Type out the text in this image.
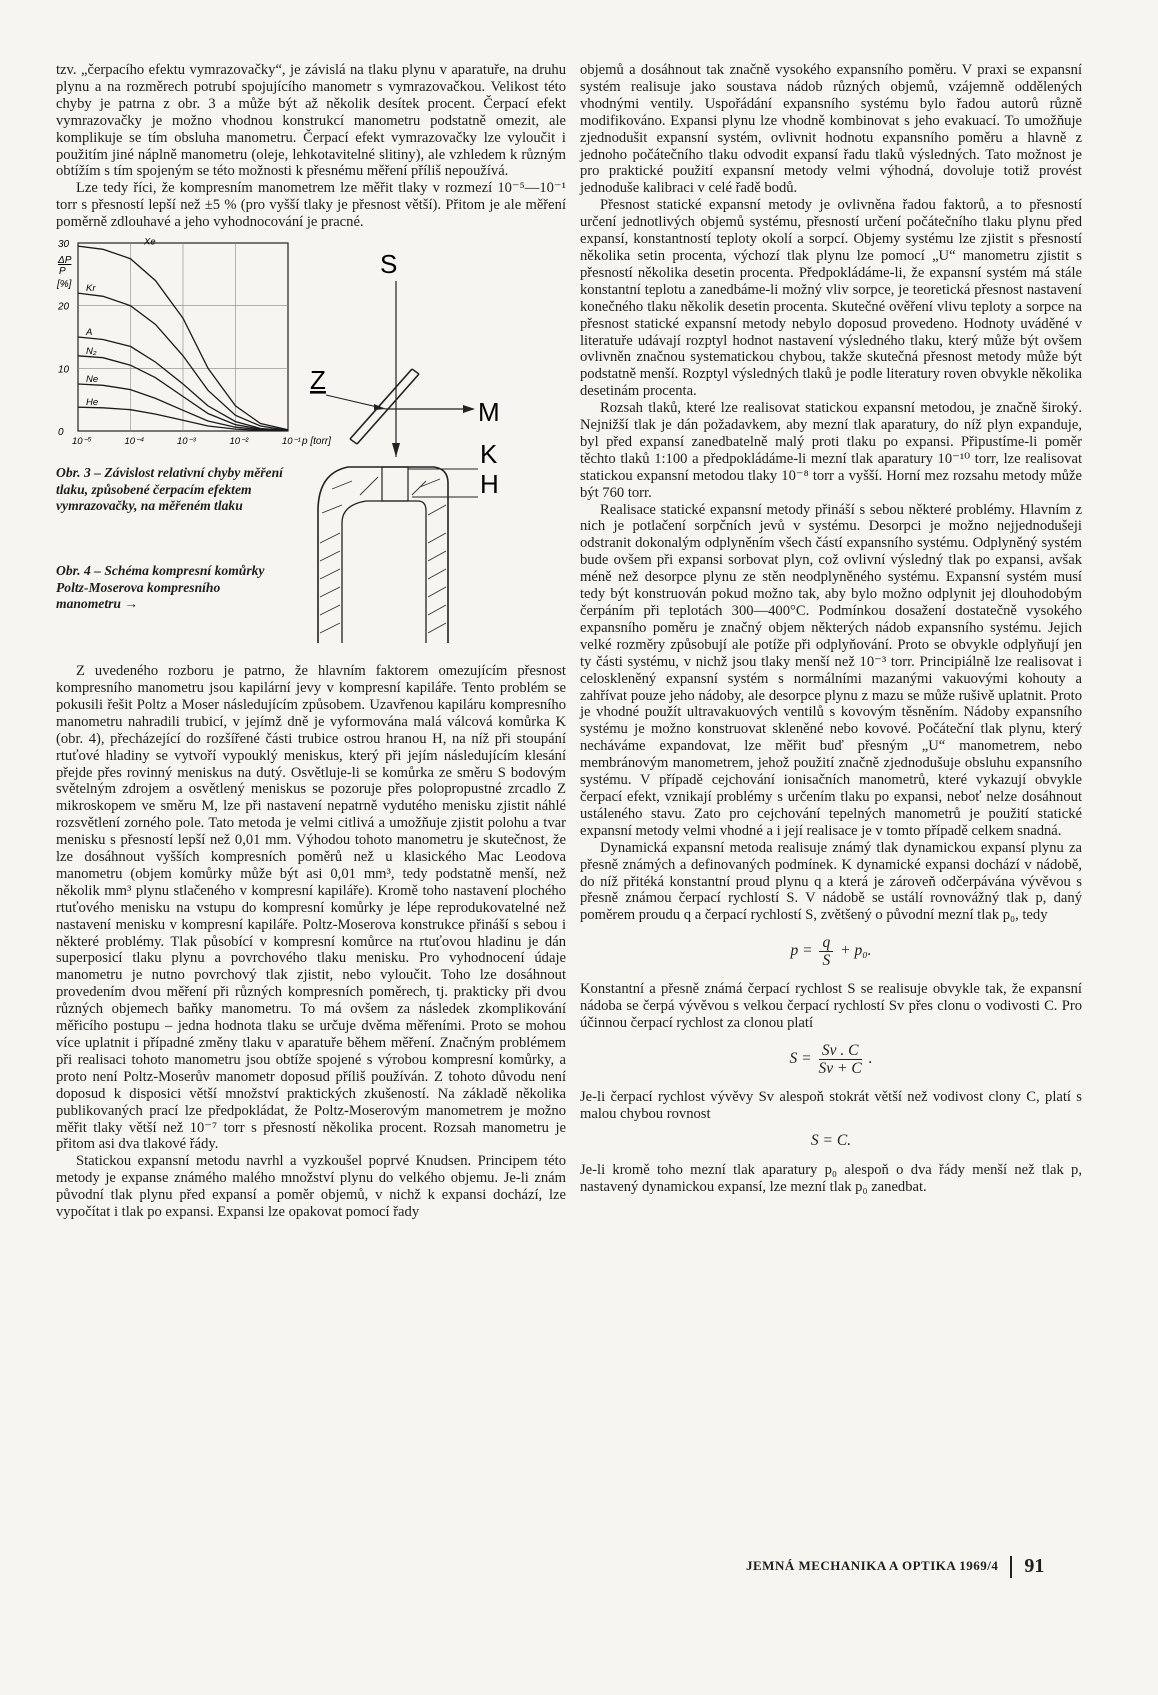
tzv. „čerpacího efektu vymrazovačky“, je závislá na tlaku plynu v aparatuře, na druhu plynu a na rozměrech potrubí spojujícího manometr s vymrazovačkou. Velikost této chyby je patrna z obr. 3 a může být až několik desítek procent. Čerpací efekt vymrazovačky je možno vhodnou konstrukcí manometru podstatně omezit, ale komplikuje se tím obsluha manometru. Čerpací efekt vymrazovačky lze vyloučit i použitím jiné náplně manometru (oleje, lehkotavitelné slitiny), ale vzhledem k různým obtížím s tím spojeným se této možnosti k přesnému měření příliš nepoužívá.

Lze tedy říci, že kompresním manometrem lze měřit tlaky v rozmezí 10⁻⁵—10⁻¹ torr s přesností lepší než ±5 % (pro vyšší tlaky je přesnost větší). Přitom je ale měření poměrně zdlouhavé a jeho vyhodnocování je pracné.

30
20
10
0
ΔP
P
[%]
10⁻⁵	10⁻⁴	10⁻³	10⁻²	10⁻¹ p [torr]
Xe
Kr
A
N₂
Ne
He
S
Z
M
K
H
Obr. 3 – Závislost relativní chyby měření tlaku, způsobené čerpacím efektem vymrazovačky, na měřeném tlaku
Obr. 4 – Schéma kompresní komůrky Poltz-Moserova kompresního manometru →

Z uvedeného rozboru je patrno, že hlavním faktorem omezujícím přesnost kompresního manometru jsou kapilární jevy v kompresní kapiláře. Tento problém se pokusili řešit Poltz a Moser následujícím způsobem. Uzavřenou kapiláru kompresního manometru nahradili trubicí, v jejímž dně je vyformována malá válcová komůrka K (obr. 4), přecházející do rozšířené části trubice ostrou hranou H, na níž při stoupání rtuťové hladiny se vytvoří vypouklý meniskus, který při jejím následujícím klesání přejde přes rovinný meniskus na dutý. Osvětluje-li se komůrka ze směru S bodovým světelným zdrojem a osvětlený meniskus se pozoruje přes polopropustné zrcadlo Z mikroskopem ve směru M, lze při nastavení nepatrně vydutého menisku zjistit náhlé rozsvětlení zorného pole. Tato metoda je velmi citlivá a umožňuje zjistit polohu a tvar menisku s přesností lepší než 0,01 mm. Výhodou tohoto manometru je skutečnost, že lze dosáhnout vyšších kompresních poměrů než u klasického Mac Leodova manometru (objem komůrky může být asi 0,01 mm³, tedy podstatně menší, než několik mm³ plynu stlačeného v kompresní kapiláře). Kromě toho nastavení plochého rtuťového menisku na vstupu do kompresní komůrky je lépe reprodukovatelné než nastavení menisku v kompresní kapiláře. Poltz-Moserova konstrukce přináší s sebou i některé problémy. Tlak působící v kompresní komůrce na rtuťovou hladinu je dán superposicí tlaku plynu a povrchového tlaku menisku. Pro vyhodnocení údaje manometru je nutno povrchový tlak zjistit, nebo vyloučit. Toho lze dosáhnout provedením dvou měření při různých kompresních poměrech, tj. prakticky při dvou různých objemech baňky manometru. To má ovšem za následek zkomplikování měřicího postupu – jedna hodnota tlaku se určuje dvěma měřeními. Proto se mohou více uplatnit i případné změny tlaku v aparatuře během měření. Značným problémem při realisaci tohoto manometru jsou obtíže spojené s výrobou kompresní komůrky, a proto není Poltz-Moserův manometr doposud příliš používán. Z tohoto důvodu není doposud k disposici větší množství praktických zkušeností. Na základě několika publikovaných prací lze předpokládat, že Poltz-Moserovým manometrem je možno měřit tlaky větší než 10⁻⁷ torr s přesností několika procent. Rozsah manometru je přitom asi dva tlakové řády.

Statickou expansní metodu navrhl a vyzkoušel poprvé Knudsen. Principem této metody je expanse známého malého množství plynu do velkého objemu. Je-li znám původní tlak plynu před expansí a poměr objemů, v nichž k expansi dochází, lze vypočítat i tlak po expansi. Expansi lze opakovat pomocí řady

objemů a dosáhnout tak značně vysokého expansního poměru. V praxi se expansní systém realisuje jako soustava nádob různých objemů, vzájemně oddělených vhodnými ventily. Uspořádání expansního systému bylo řadou autorů různě modifikováno. Expansi plynu lze vhodně kombinovat s jeho evakuací. To umožňuje zjednodušit expansní systém, ovlivnit hodnotu expansního poměru a hlavně z jednoho počátečního tlaku odvodit expansí řadu tlaků výsledných. Tato možnost je pro praktické použití expansní metody velmi výhodná, dovoluje totiž provést jednoduše kalibraci v celé řadě bodů.

Přesnost statické expansní metody je ovlivněna řadou faktorů, a to přesností určení jednotlivých objemů systému, přesností určení počátečního tlaku plynu před expansí, konstantností teploty okolí a sorpcí. Objemy systému lze zjistit s přesností několika setin procenta, výchozí tlak plynu lze pomocí „U“ manometru zjistit s přesností několika desetin procenta. Předpokládáme-li, že expansní systém má stále konstantní teplotu a zanedbáme-li možný vliv sorpce, je teoretická přesnost nastavení konečného tlaku několik desetin procenta. Skutečné ověření vlivu teploty a sorpce na přesnost statické expansní metody nebylo doposud provedeno. Hodnoty uváděné v literatuře udávají rozptyl hodnot nastavení výsledného tlaku, který může být ovšem ovlivněn značnou systematickou chybou, takže skutečná přesnost metody může být podstatně menší. Rozptyl výsledných tlaků je podle literatury roven obvykle několika desetinám procenta.

Rozsah tlaků, které lze realisovat statickou expansní metodou, je značně široký. Nejnižší tlak je dán požadavkem, aby mezní tlak aparatury, do níž plyn expanduje, byl před expansí zanedbatelně malý proti tlaku po expansi. Připustíme-li poměr těchto tlaků 1:100 a předpokládáme-li mezní tlak aparatury 10⁻¹⁰ torr, lze realisovat statickou expansní metodou tlaky 10⁻⁸ torr a vyšší. Horní mez rozsahu metody může být 760 torr.

Realisace statické expansní metody přináší s sebou některé problémy. Hlavním z nich je potlačení sorpčních jevů v systému. Desorpci je možno nejjednodušeji odstranit dokonalým odplyněním všech částí expansního systému. Odplyněný systém bude ovšem při expansi sorbovat plyn, což ovlivní výsledný tlak po expansi, avšak méně než desorpce plynu ze stěn neodplyněného systému. Expansní systém musí tedy být konstruován pokud možno tak, aby bylo možno odplynit jej dlouhodobým čerpáním při teplotách 300—400°C. Podmínkou dosažení dostatečně vysokého expansního poměru je značný objem některých nádob expansního systému. Jejich velké rozměry způsobují ale potíže při odplyňování. Proto se obvykle odplyňují jen ty části systému, v nichž jsou tlaky menší než 10⁻³ torr. Principiálně lze realisovat i celoskleněný expansní systém s normálními mazanými vakuovými kohouty a zahřívat pouze jeho nádoby, ale desorpce plynu z mazu se může rušivě uplatnit. Proto je vhodné použít ultravakuových ventilů s kovovým těsněním. Nádoby expansního systému je možno konstruovat skleněné nebo kovové. Počáteční tlak plynu, který necháváme expandovat, lze měřit buď přesným „U“ manometrem, nebo membránovým manometrem, jehož použití značně zjednodušuje obsluhu expansního systému. V případě cejchování ionisačních manometrů, které vykazují obvykle čerpací efekt, vznikají problémy s určením tlaku po expansi, neboť nelze dosáhnout ustáleného stavu. Zato pro cejchování tepelných manometrů je použití statické expansní metody velmi vhodné a i její realisace je v tomto případě celkem snadná.

Dynamická expansní metoda realisuje známý tlak dynamickou expansí plynu za přesně známých a definovaných podmínek. K dynamické expansi dochází v nádobě, do níž přitéká konstantní proud plynu q a která je zároveň odčerpávána vývěvou s přesně známou čerpací rychlostí S. V nádobě se ustálí rovnovážný tlak p, daný poměrem proudu q a čerpací rychlostí S, zvětšený o původní mezní tlak p₀, tedy

$p = \frac{q}{S} + p_0$.

Konstantní a přesně známá čerpací rychlost S se realisuje obvykle tak, že expansní nádoba se čerpá vývěvou s velkou čerpací rychlostí Sv přes clonu o vodivosti C. Pro účinnou čerpací rychlost za clonou platí

$S = \frac{Sv . C}{Sv + C}$ .

Je-li čerpací rychlost vývěvy Sv alespoň stokrát větší než vodivost clony C, platí s malou chybou rovnost

S = C.

Je-li kromě toho mezní tlak aparatury p₀ alespoň o dva řády menší než tlak p, nastavený dynamickou expansí, lze mezní tlak p₀ zanedbat.

JEMNÁ MECHANIKA A OPTIKA 1969/4 91
